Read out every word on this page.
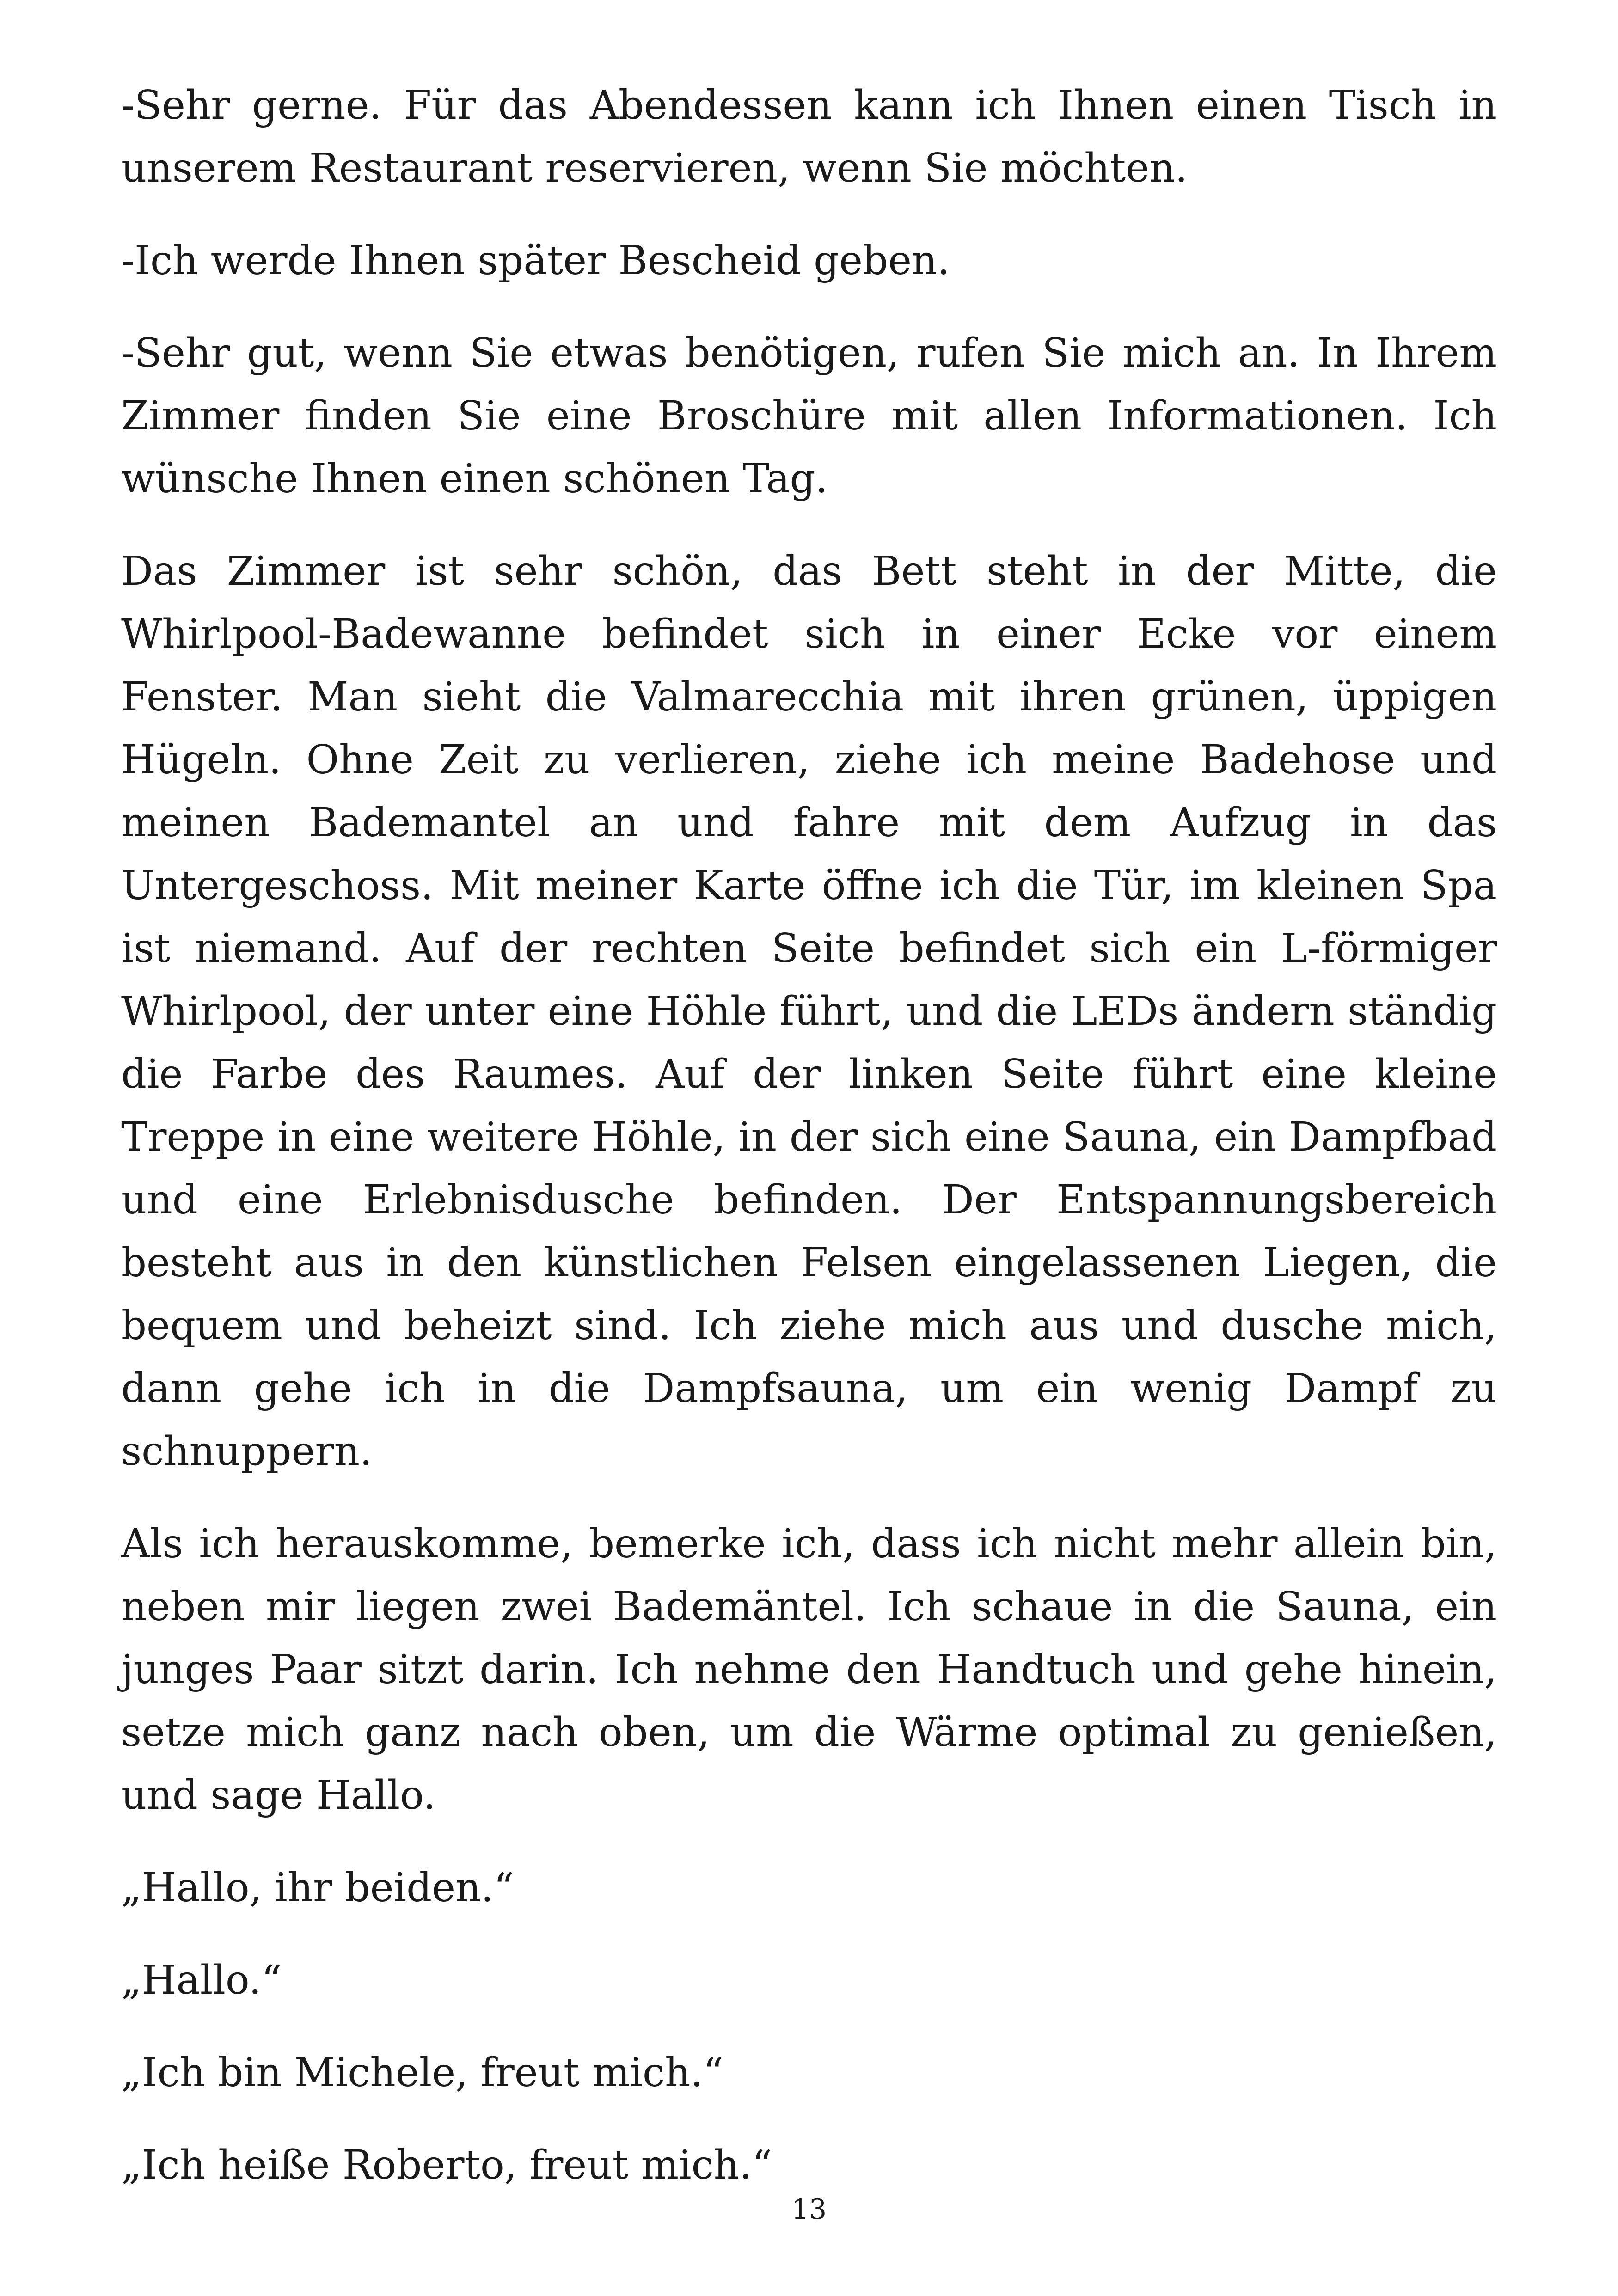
-Sehr gerne. Für das Abendessen kann ich Ihnen einen Tisch in unserem Restaurant reservieren, wenn Sie möchten.

-Ich werde Ihnen später Bescheid geben.

-Sehr gut, wenn Sie etwas benötigen, rufen Sie mich an. In Ihrem Zimmer finden Sie eine Broschüre mit allen Informationen. Ich wünsche Ihnen einen schönen Tag.

Das Zimmer ist sehr schön, das Bett steht in der Mitte, die Whirlpool-Badewanne befindet sich in einer Ecke vor einem Fenster. Man sieht die Valmarecchia mit ihren grünen, üppigen Hügeln. Ohne Zeit zu verlieren, ziehe ich meine Badehose und meinen Bademantel an und fahre mit dem Aufzug in das Untergeschoss. Mit meiner Karte öffne ich die Tür, im kleinen Spa ist niemand. Auf der rechten Seite befindet sich ein L-förmiger Whirlpool, der unter eine Höhle führt, und die LEDs ändern ständig die Farbe des Raumes. Auf der linken Seite führt eine kleine Treppe in eine weitere Höhle, in der sich eine Sauna, ein Dampfbad und eine Erlebnisdusche befinden. Der Entspannungsbereich besteht aus in den künstlichen Felsen eingelassenen Liegen, die bequem und beheizt sind. Ich ziehe mich aus und dusche mich, dann gehe ich in die Dampfsauna, um ein wenig Dampf zu schnuppern.

Als ich herauskomme, bemerke ich, dass ich nicht mehr allein bin, neben mir liegen zwei Bademäntel. Ich schaue in die Sauna, ein junges Paar sitzt darin. Ich nehme den Handtuch und gehe hinein, setze mich ganz nach oben, um die Wärme optimal zu genießen, und sage Hallo.

„Hallo, ihr beiden.“

„Hallo.“

„Ich bin Michele, freut mich.“

„Ich heiße Roberto, freut mich.“

13
